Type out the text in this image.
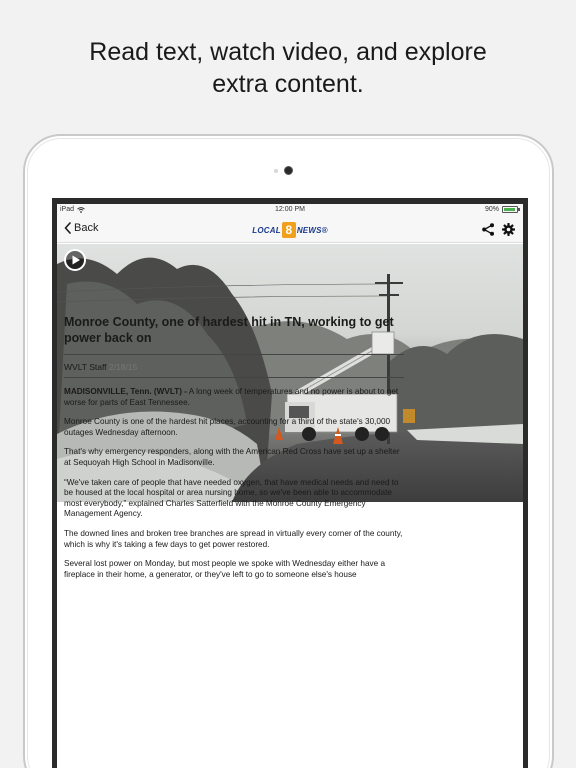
Read text, watch video, and explore
extra content.
iPad	12:00 PM	90%
Back	LOCAL 8 NEWS®
Monroe County, one of hardest hit in TN, working to get power back on
WVLT Staff 2/18/15

MADISONVILLE, Tenn. (WVLT) - A long week of temperatures and no power is about to get worse for parts of East Tennessee.

Monroe County is one of the hardest hit places, accounting for a third of the state's 30,000 outages Wednesday afternoon.

That's why emergency responders, along with the American Red Cross have set up a shelter at Sequoyah High School in Madisonville.

“We've taken care of people that have needed oxygen, that have medical needs and need to be housed at the local hospital or area nursing home, so we've been able to accommodate most everybody,” explained Charles Satterfield with the Monroe County Emergency Management Agency.

The downed lines and broken tree branches are spread in virtually every corner of the county, which is why it's taking a few days to get power restored.

Several lost power on Monday, but most people we spoke with Wednesday either have a fireplace in their home, a generator, or they've left to go to someone else's house
